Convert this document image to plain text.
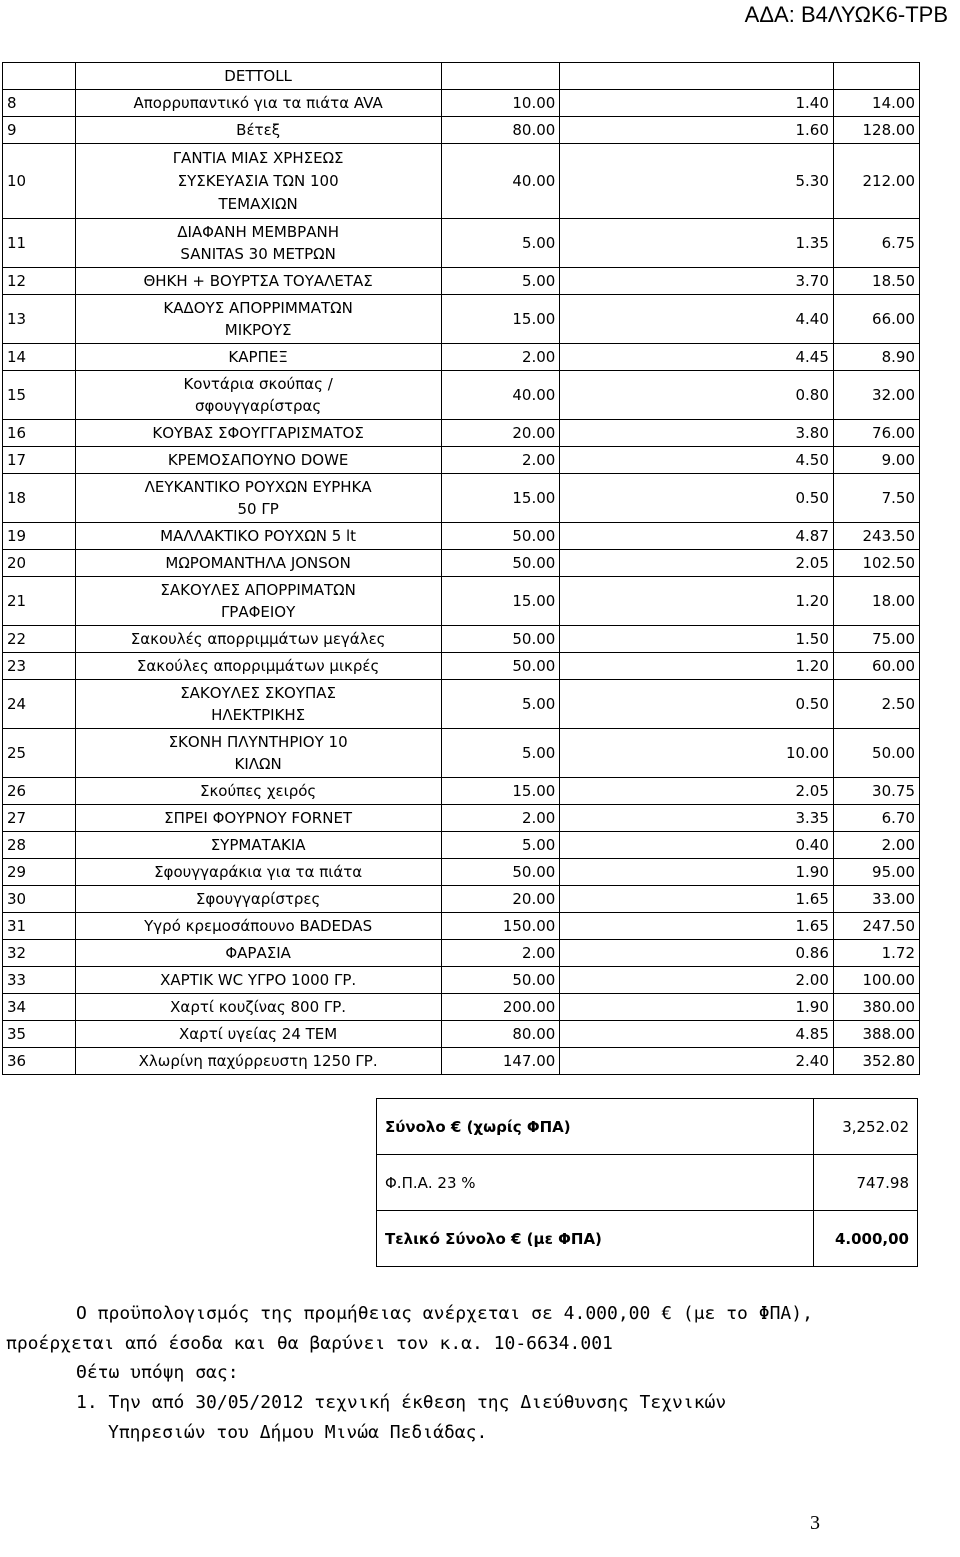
ΑΔΑ: Β4ΛΥΩΚ6-ΤΡΒ

	DETTOLL			

8	Απορρυπαντικό για τα πιάτα AVA	10.00	1.40	14.00
9	Βέτεξ	80.00	1.60	128.00
10	ΓΑΝΤΙΑ ΜΙΑΣ ΧΡΗΣΕΩΣ
ΣΥΣΚΕΥΑΣΙΑ ΤΩΝ 100
ΤΕΜΑΧΙΩΝ	40.00	5.30	212.00
11	ΔΙΑΦΑΝΗ ΜΕΜΒΡΑΝΗ
SANITAS 30 ΜΕΤΡΩΝ	5.00	1.35	6.75
12	ΘΗΚΗ + ΒΟΥΡΤΣΑ ΤΟΥΑΛΕΤΑΣ	5.00	3.70	18.50
13	ΚΑΔΟΥΣ ΑΠΟΡΡΙΜΜΑΤΩΝ
ΜΙΚΡΟΥΣ	15.00	4.40	66.00
14	ΚΑΡΠΕΞ	2.00	4.45	8.90
15	Κοντάρια σκούπας /
σφουγγαρίστρας	40.00	0.80	32.00
16	ΚΟΥΒΑΣ ΣΦΟΥΓΓΑΡΙΣΜΑΤΟΣ	20.00	3.80	76.00
17	ΚΡΕΜΟΣΑΠΟΥΝΟ DOWE	2.00	4.50	9.00
18	ΛΕΥΚΑΝΤΙΚΟ ΡΟΥΧΩΝ ΕΥΡΗΚΑ
50 ΓΡ	15.00	0.50	7.50
19	ΜΑΛΛΑΚΤΙΚΟ ΡΟΥΧΩΝ 5 lt	50.00	4.87	243.50
20	ΜΩΡΟΜΑΝΤΗΛΑ JONSON	50.00	2.05	102.50
21	ΣΑΚΟΥΛΕΣ ΑΠΟΡΡΙΜΑΤΩΝ
ΓΡΑΦΕΙΟΥ	15.00	1.20	18.00
22	Σακουλές απορριμμάτων μεγάλες	50.00	1.50	75.00
23	Σακούλες απορριμμάτων μικρές	50.00	1.20	60.00
24	ΣΑΚΟΥΛΕΣ ΣΚΟΥΠΑΣ
ΗΛΕΚΤΡΙΚΗΣ	5.00	0.50	2.50
25	ΣΚΟΝΗ ΠΛΥΝΤΗΡΙΟΥ 10
ΚΙΛΩΝ	5.00	10.00	50.00
26	Σκούπες χειρός	15.00	2.05	30.75
27	ΣΠΡΕΙ ΦΟΥΡΝΟΥ FORNET	2.00	3.35	6.70
28	ΣΥΡΜΑΤΑΚΙΑ	5.00	0.40	2.00
29	Σφουγγαράκια για τα πιάτα	50.00	1.90	95.00
30	Σφουγγαρίστρες	20.00	1.65	33.00
31	Υγρό κρεμοσάπουνο BADEDAS	150.00	1.65	247.50
32	ΦΑΡΑΣΙΑ	2.00	0.86	1.72
33	ΧΑΡΤΙΚ WC ΥΓΡΟ 1000 ΓΡ.	50.00	2.00	100.00
34	Χαρτί κουζίνας 800 ΓΡ.	200.00	1.90	380.00
35	Χαρτί υγείας 24 ΤΕΜ	80.00	4.85	388.00
36	Χλωρίνη παχύρρευστη 1250 ΓΡ.	147.00	2.40	352.80
Σύνολο € (χωρίς ΦΠΑ)	3,252.02
Φ.Π.Α. 23 %	747.98
Τελικό Σύνολο € (με ΦΠΑ)	4.000,00
Ο προϋπολογισμός της προμήθειας ανέρχεται σε 4.000,00 € (με το ΦΠΑ),
προέρχεται από έσοδα και θα βαρύνει τον κ.α. 10-6634.001
Θέτω υπόψη σας:
1. Την από 30/05/2012 τεχνική έκθεση της Διεύθυνσης Τεχνικών
Υπηρεσιών του Δήμου Μινώα Πεδιάδας.
3
